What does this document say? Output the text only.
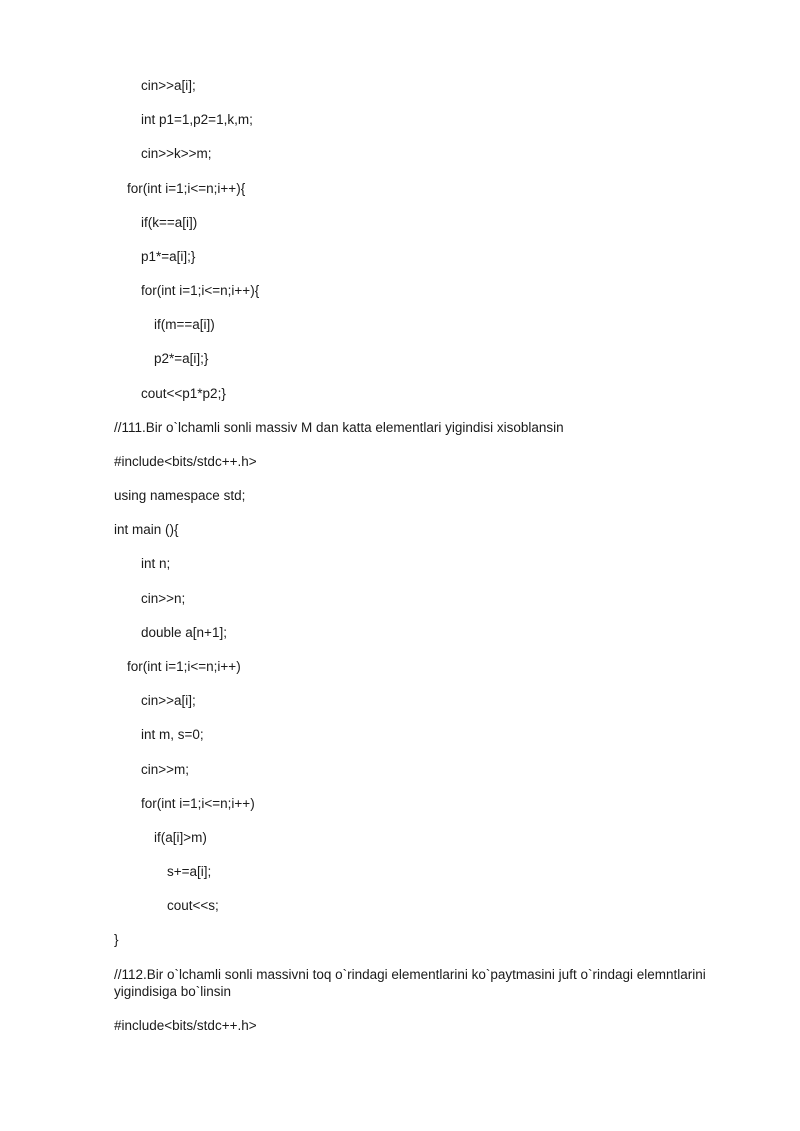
cin>>a[i];
int p1=1,p2=1,k,m;
cin>>k>>m;
for(int i=1;i<=n;i++){
if(k==a[i])
p1*=a[i];}
for(int i=1;i<=n;i++){
if(m==a[i])
p2*=a[i];}
cout<<p1*p2;}
//111.Bir o`lchamli sonli massiv M dan katta elementlari yigindisi xisoblansin
#include<bits/stdc++.h>
using namespace std;
int main (){
int n;
cin>>n;
double a[n+1];
for(int i=1;i<=n;i++)
cin>>a[i];
int m, s=0;
cin>>m;
for(int i=1;i<=n;i++)
if(a[i]>m)
s+=a[i];
cout<<s;
}
//112.Bir o`lchamli sonli massivni toq o`rindagi elementlarini ko`paytmasini juft o`rindagi elemntlarini yigindisiga bo`linsin
#include<bits/stdc++.h>
